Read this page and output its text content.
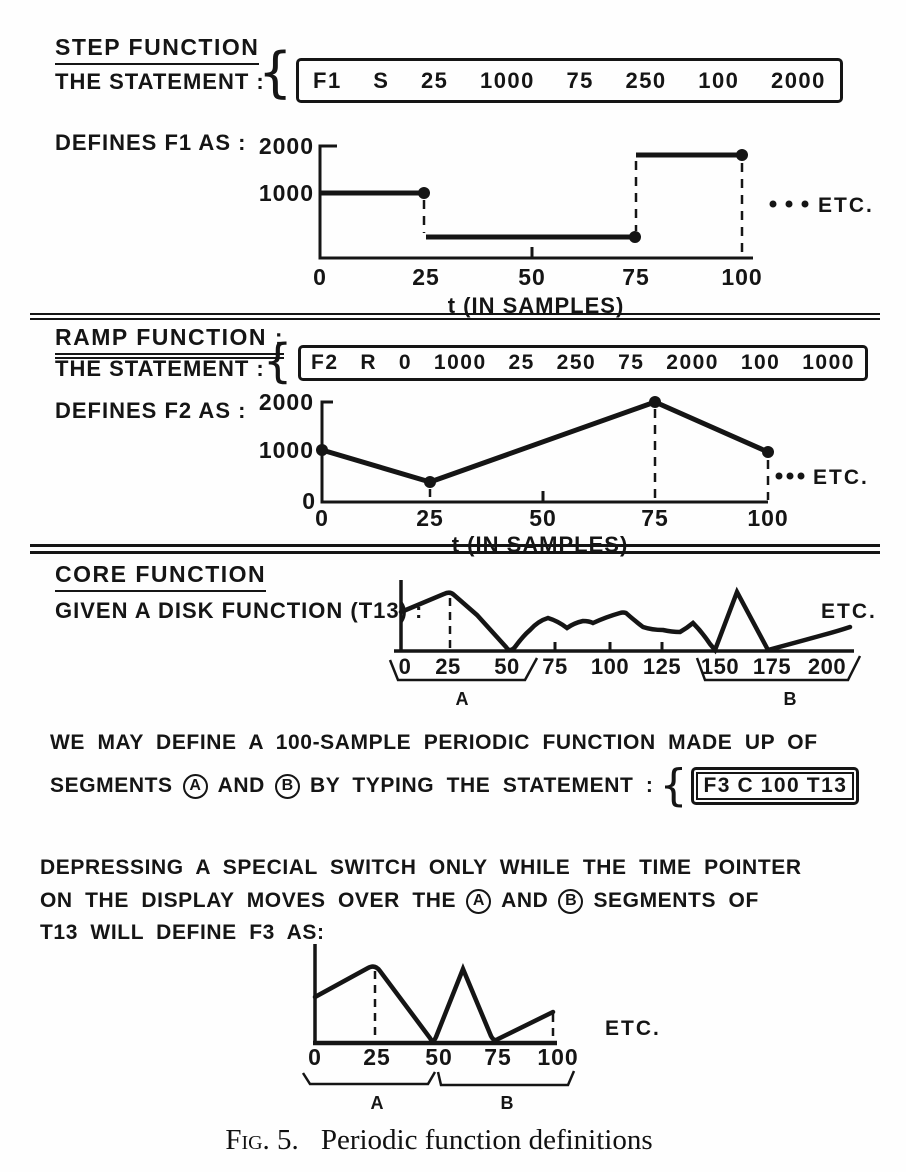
STEP FUNCTION
THE STATEMENT :
{ F1 S 25 1000 75 250 100 2000
DEFINES F1 AS : 2000
1000
0	25	50	75	100
t (IN SAMPLES)
ETC.
RAMP FUNCTION :
THE STATEMENT :
{ F2 R 0 1000 25 250 75 2000 100 1000
DEFINES F2 AS : 2000
1000
0
0	25	50	75	100
t (IN SAMPLES)
ETC.
CORE FUNCTION
GIVEN A DISK FUNCTION (T13) :
0 25 50 75 100 125 150 175 200
ETC.
A	B
WE MAY DEFINE A 100-SAMPLE PERIODIC FUNCTION MADE UP OF
SEGMENTS	A AND	B BY TYPING THE STATEMENT : { F3 C 100 T13
DEPRESSING A SPECIAL SWITCH ONLY WHILE THE TIME POINTER
ON THE DISPLAY MOVES OVER THE	A AND	B SEGMENTS OF
T13 WILL DEFINE F3 AS:
0 25 50 75 100
ETC.
A	B
Fig. 5. Periodic function definitions
